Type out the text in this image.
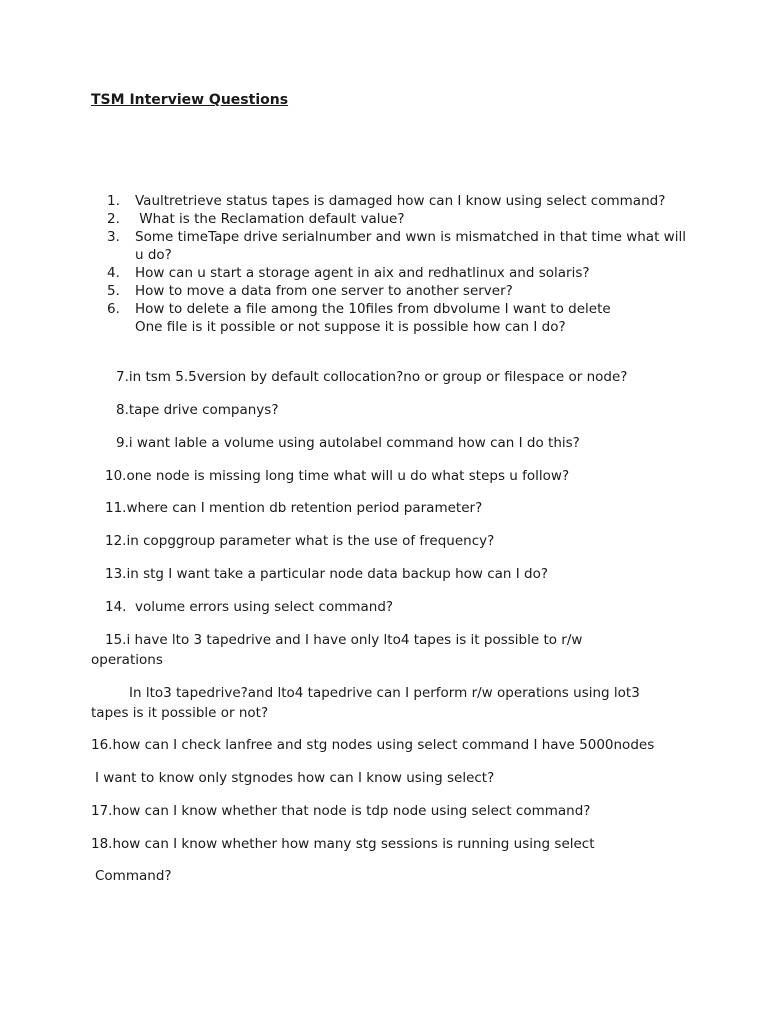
TSM Interview Questions
1.	Vaultretrieve status tapes is damaged how can I know using select command?
2.	What is the Reclamation default value?
3.	Some timeTape drive serialnumber and wwn is mismatched in that time what will u do?
4.	How can u start a storage agent in aix and redhatlinux and solaris?
5.	How to move a data from one server to another server?
6.	How to delete a file among the 10files from dbvolume I want to delete One file is it possible or not suppose it is possible how can I do?
7.in tsm 5.5version by default collocation?no or group or filespace or node?
8.tape drive companys?
9.i want lable a volume using autolabel command how can I do this?
10.one node is missing long time what will u do what steps u follow?
11.where can I mention db retention period parameter?
12.in copggroup parameter what is the use of frequency?
13.in stg I want take a particular node data backup how can I do?
14.  volume errors using select command?
15.i have lto 3 tapedrive and I have only lto4 tapes is it possible to r/w operations
In lto3 tapedrive?and lto4 tapedrive can I perform r/w operations using lot3 tapes is it possible or not?
16.how can I check lanfree and stg nodes using select command I have 5000nodes
I want to know only stgnodes how can I know using select?
17.how can I know whether that node is tdp node using select command?
18.how can I know whether how many stg sessions is running using select
Command?
